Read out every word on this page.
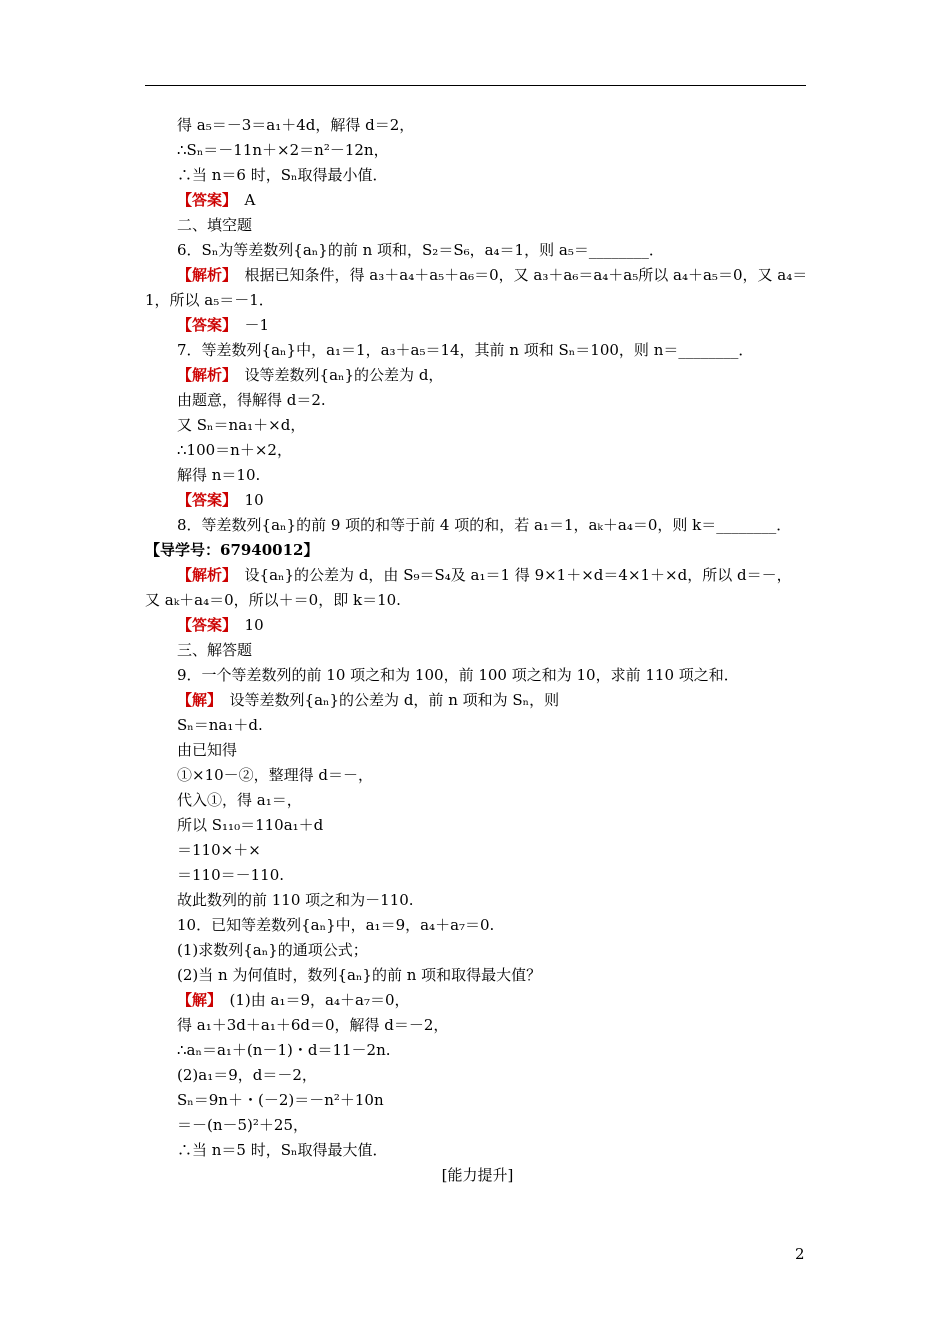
得 a₅＝－3＝a₁＋4d，解得 d＝2，
∴Sₙ＝－11n＋×2＝n²－12n，
∴当 n＝6 时，Sₙ取得最小值．
【答案】　 A
二、填空题
6．Sₙ为等差数列{aₙ}的前 n 项和，S₂＝S₆，a₄＝1，则 a₅＝________．
【解析】　 根据已知条件，得 a₃＋a₄＋a₅＋a₆＝0，又 a₃＋a₆＝a₄＋a₅所以 a₄＋a₅＝0，又 a₄＝1，所以 a₅＝－1．
【答案】　 －1
7．等差数列{aₙ}中，a₁＝1，a₃＋a₅＝14，其前 n 项和 Sₙ＝100，则 n＝________．
【解析】　 设等差数列{aₙ}的公差为 d，
由题意，得解得 d＝2.
又 Sₙ＝na₁＋×d，
∴100＝n＋×2，
解得 n＝10.
【答案】　 10
8．等差数列{aₙ}的前 9 项的和等于前 4 项的和，若 a₁＝1，aₖ＋a₄＝0，则 k＝________．
【导学号：67940012】
【解析】　 设{aₙ}的公差为 d，由 S₉＝S₄及 a₁＝1 得 9×1＋×d＝4×1＋×d，所以 d＝－，
又 aₖ＋a₄＝0，所以＋＝0，即 k＝10.
【答案】　 10
三、解答题
9．一个等差数列的前 10 项之和为 100，前 100 项之和为 10，求前 110 项之和．
【解】　 设等差数列{aₙ}的公差为 d，前 n 项和为 Sₙ，则
Sₙ＝na₁＋d.
由已知得
①×10－②，整理得 d＝－，
代入①，得 a₁＝，
所以 S₁₁₀＝110a₁＋d
＝110×＋×
＝110＝－110.
故此数列的前 110 项之和为－110.
10．已知等差数列{aₙ}中，a₁＝9，a₄＋a₇＝0.
(1)求数列{aₙ}的通项公式；
(2)当 n 为何值时，数列{aₙ}的前 n 项和取得最大值？
【解】　 (1)由 a₁＝9，a₄＋a₇＝0，
得 a₁＋3d＋a₁＋6d＝0，解得 d＝－2，
∴aₙ＝a₁＋(n－1)・d＝11－2n.
(2)a₁＝9，d＝－2，
Sₙ＝9n＋・(－2)＝－n²＋10n
＝－(n－5)²＋25，
∴当 n＝5 时，Sₙ取得最大值．
[能力提升]
2
